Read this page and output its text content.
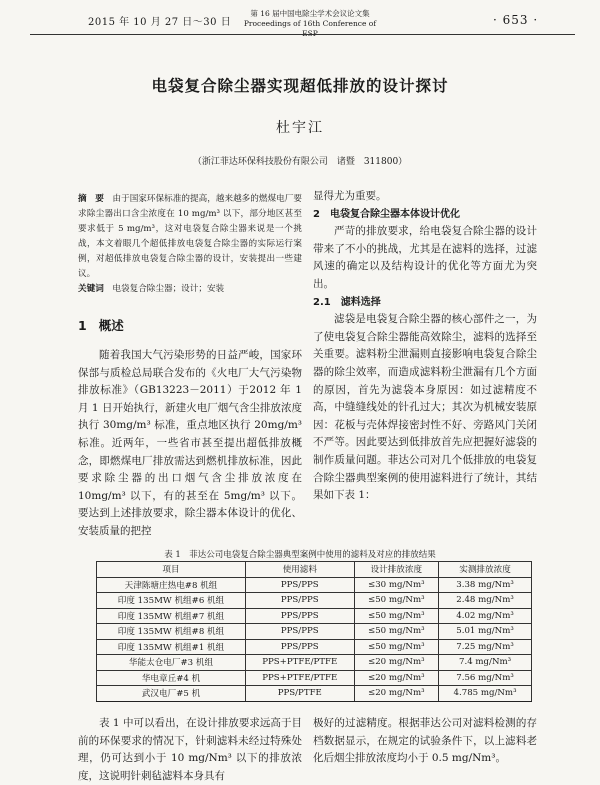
2015 年 10 月 27 日～30 日
第 16 届中国电除尘学术会议论文集
Proceedings of 16th Conference of	· 653 ·
电袋复合除尘器实现超低排放的设计探讨
杜宇江
（浙江菲达环保科技股份有限公司　诸暨　311800）

摘　要　 由于国家环保标准的提高，越来越多的燃煤电厂要求除尘器出口含尘浓度在 10 mg/m³ 以下，部分地区甚至要求低于 5 mg/m³，这对电袋复合除尘器来说是一个挑战，本文着眼几个超低排放电袋复合除尘器的实际运行案例，对超低排放电袋复合除尘器的设计，安装提出一些建议。

关键词　 电袋复合除尘器；设计；安装

1 概述

随着我国大气污染形势的日益严峻，国家环保部与质检总局联合发布的《火电厂大气污染物排放标准》（GB13223－2011）于2012 年 1 月 1 日开始执行，新建火电厂烟气含尘排放浓度执行 30mg/m³ 标准，重点地区执行 20mg/m³ 标准。近两年，一些省市甚至提出超低排放概念，即燃煤电厂排放需达到燃机排放标准，因此要求除尘器的出口烟气含尘排放浓度在 10mg/m³ 以下，有的甚至在 5mg/m³ 以下。要达到上述排放要求，除尘器本体设计的优化、安装质量的把控

显得尤为重要。

2　电袋复合除尘器本体设计优化

严苛的排放要求，给电袋复合除尘器的设计带来了不小的挑战，尤其是在滤料的选择，过滤风速的确定以及结构设计的优化等方面尤为突出。

2.1　滤料选择

滤袋是电袋复合除尘器的核心部件之一，为了使电袋复合除尘器能高效除尘，滤料的选择至关重要。滤料粉尘泄漏则直接影响电袋复合除尘器的除尘效率，而造成滤料粉尘泄漏有几个方面的原因，首先为滤袋本身原因：如过滤精度不高，中缝缝线处的针孔过大；其次为机械安装原因：花板与壳体焊接密封性不好、旁路风门关闭不严等。因此要达到低排放首先应把握好滤袋的制作质量问题。菲达公司对几个低排放的电袋复合除尘器典型案例的使用滤料进行了统计，其结果如下表 1：

表 1　菲达公司电袋复合除尘器典型案例中使用的滤料及对应的排放结果
项目	使用滤料	设计排放浓度	实测排放浓度
天津陈塘庄热电#8 机组	PPS/PPS	≤30 mg/Nm³	3.38 mg/Nm³
印度 135MW 机组#6 机组	PPS/PPS	≤50 mg/Nm³	2.48 mg/Nm³
印度 135MW 机组#7 机组	PPS/PPS	≤50 mg/Nm³	4.02 mg/Nm³
印度 135MW 机组#8 机组	PPS/PPS	≤50 mg/Nm³	5.01 mg/Nm³
印度 135MW 机组#1 机组	PPS/PPS	≤50 mg/Nm³	7.25 mg/Nm³
华能太仓电厂#3 机组	PPS+PTFE/PTFE	≤20 mg/Nm³	7.4 mg/Nm³
华电章丘#4 机	PPS+PTFE/PTFE	≤20 mg/Nm³	7.56 mg/Nm³
武汉电厂#5 机	PPS/PTFE	≤20 mg/Nm³	4.785 mg/Nm³

表 1 中可以看出，在设计排放要求远高于目前的环保要求的情况下，针刺滤料未经过特殊处理，仍可达到小于 10 mg/Nm³ 以下的排放浓度，这说明针刺毡滤料本身具有

极好的过滤精度。根据菲达公司对滤料检测的存档数据显示，在规定的试验条件下，以上滤料老化后烟尘排放浓度均小于 0.5 mg/Nm³。
